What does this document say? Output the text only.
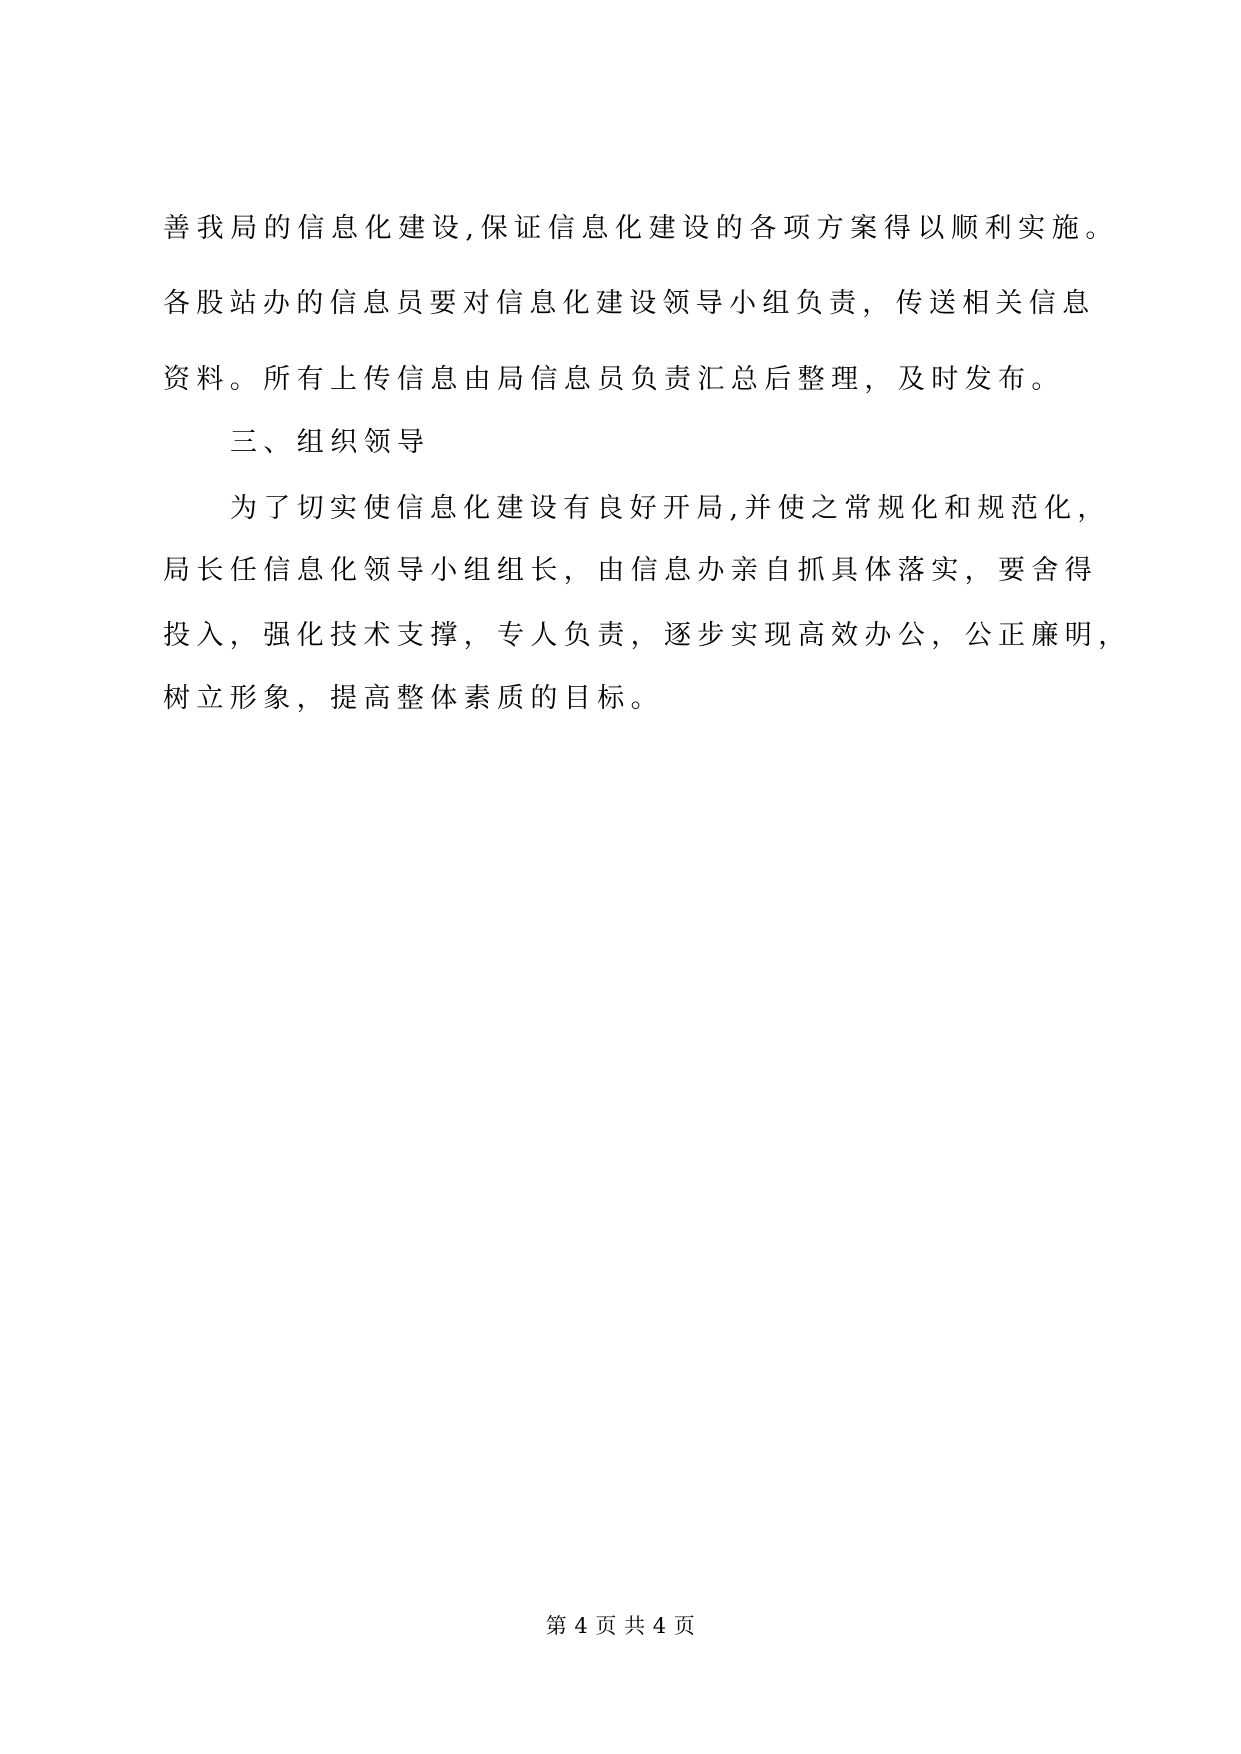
善我局的信息化建设,保证信息化建设的各项方案得以顺利实施。

各股站办的信息员要对信息化建设领导小组负责，传送相关信息

资料。所有上传信息由局信息员负责汇总后整理，及时发布。

三、组织领导

为了切实使信息化建设有良好开局,并使之常规化和规范化，

局长任信息化领导小组组长，由信息办亲自抓具体落实，要舍得

投入，强化技术支撑，专人负责，逐步实现高效办公，公正廉明，

树立形象，提高整体素质的目标。

第 4 页 共 4 页
